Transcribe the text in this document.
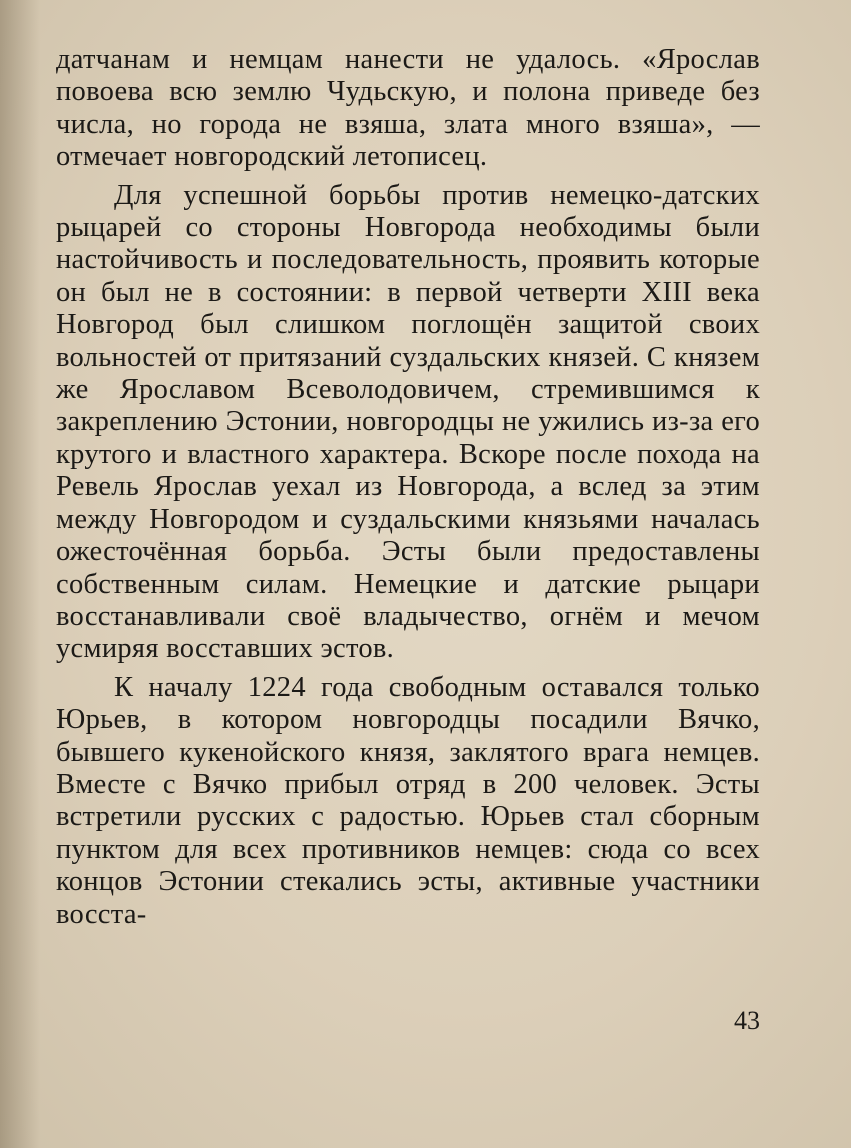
датчанам и немцам нанести не удалось. «Ярослав повоева всю землю Чудьскую, и полона приведе без числа, но города не взяша, злата много взяша», — отмечает новгородский летописец.

Для успешной борьбы против немецко-датских рыцарей со стороны Новгорода необходимы были настойчивость и последовательность, проявить которые он был не в состоянии: в первой четверти XIII века Новгород был слишком поглощён защитой своих вольностей от притязаний суздальских князей. С князем же Ярославом Всеволодовичем, стремившимся к закреплению Эстонии, новгородцы не ужились из-за его крутого и властного характера. Вскоре после похода на Ревель Ярослав уехал из Новгорода, а вслед за этим между Новгородом и суздальскими князьями началась ожесточённая борьба. Эсты были предоставлены собственным силам. Немецкие и датские рыцари восстанавливали своё владычество, огнём и мечом усмиряя восставших эстов.

К началу 1224 года свободным оставался только Юрьев, в котором новгородцы посадили Вячко, бывшего кукенойского князя, заклятого врага немцев. Вместе с Вячко прибыл отряд в 200 человек. Эсты встретили русских с радостью. Юрьев стал сборным пунктом для всех противников немцев: сюда со всех концов Эстонии стекались эсты, активные участники восста-

43
